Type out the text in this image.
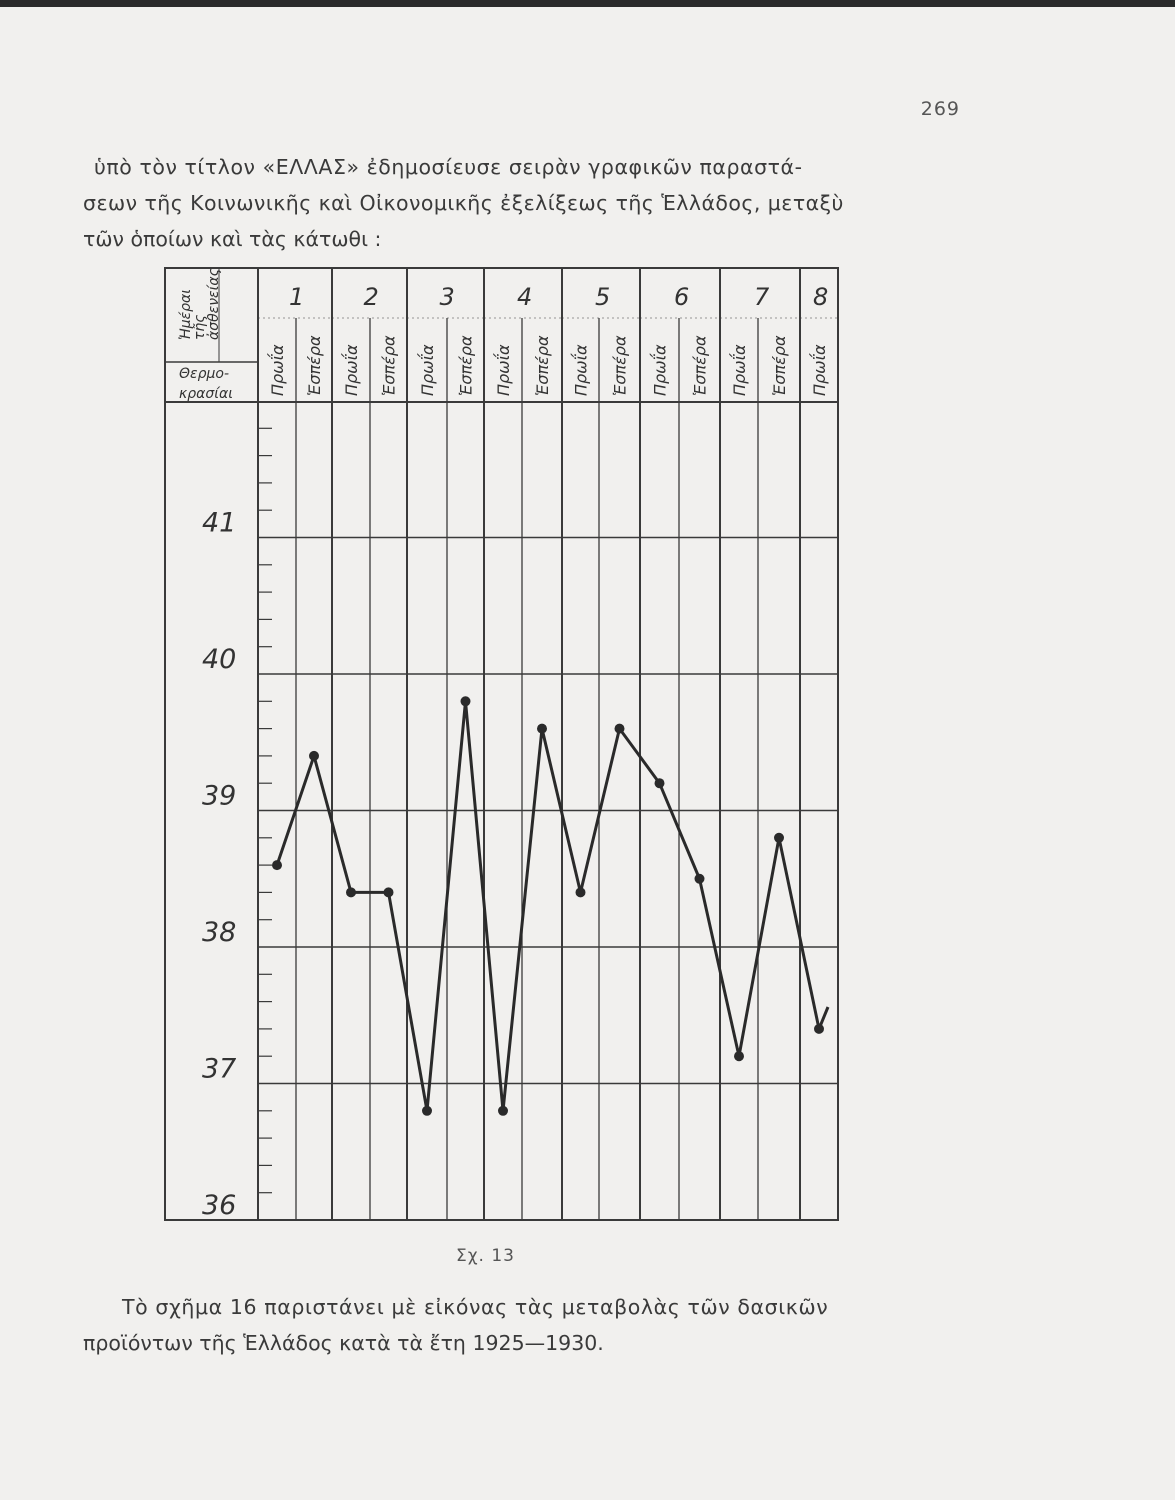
269
ὑπὸ τὸν τίτλον «ΕΛΛΑΣ» ἐδημοσίευσε σειρὰν γραφικῶν παραστά-
σεων τῆς Κοινωνικῆς καὶ Οἰκονομικῆς ἐξελίξεως τῆς Ἑλλάδος, μεταξὺ
τῶν ὁποίων καὶ τὰς κάτωθι :
Ἡμέραι
τῆς
ἀσθενείας
Θερμο-
κρασίαι
1 2	3	4	5	6	7 8
Πρωΐα Ἑσπέρα Πρωΐα Ἑσπέρα Πρωΐα Ἑσπέρα Πρωΐα Ἑσπέρα Πρωΐα Ἑσπέρα Πρωΐα Ἑσπέρα Πρωΐα Ἑσπέρα Πρωΐα
36
37
38
39
40
41
Σχ. 13
Τὸ σχῆμα 16 παριστάνει μὲ εἰκόνας τὰς μεταβολὰς τῶν δασικῶν
προϊόντων τῆς Ἑλλάδος κατὰ τὰ ἔτη 1925—1930.
